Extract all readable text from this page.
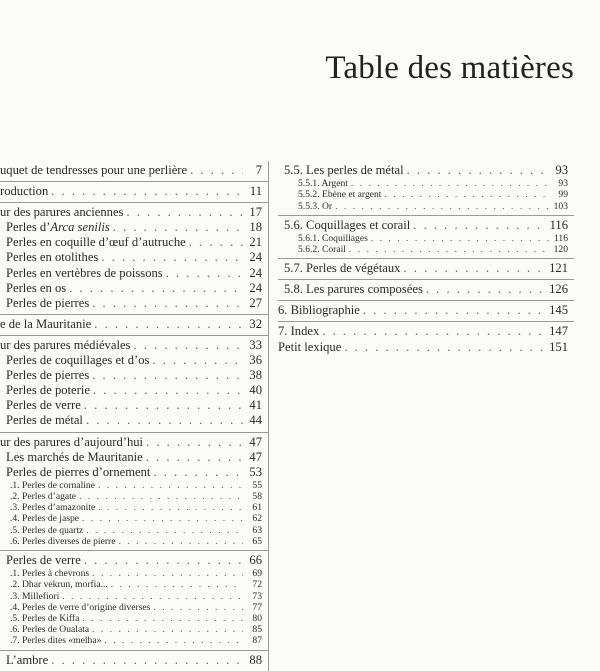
Table des matières
uquet de tendresses pour une perlière . . .	7
roduction . . .	11
ur des parures anciennes . . .	17
Perles d’Arca senilis . . .	18
Perles en coquille d’œuf d’autruche . . .	21
Perles en otolithes . . .	24
Perles en vertèbres de poissons . . .	24
Perles en os . . .	24
Perles de pierres . . .	27
e de la Mauritanie . . .	32
ur des parures médiévales . . .	33
Perles de coquillages et d’os . . .	36
Perles de pierres . . .	38
Perles de poterie . . .	40
Perles de verre . . .	41
Perles de métal . . .	44
ur des parures d’aujourd’hui . . .	47
Les marchés de Mauritanie . . .	47
Perles de pierres d’ornement . . .	53
.1. Perles de cornaline . . .	55
.2. Perles d’agate . . .	58
.3. Perles d’amazonite . . .	61
.4. Perles de jaspe . . .	62
.5. Perles de quartz . . .	63
.6. Perles diverses de pierre . . .	65
Perles de verre . . .	66
.1. Perles à chevrons . . .	69
.2. Dhar vekrun, morfia... . . .	72
.3. Millefiori . . .	73
.4. Perles de verre d’origine diverses . . .	77
.5. Perles de Kiffa . . .	80
.6. Perles de Oualata . . .	85
.7. Perles dites «melha» . . .	87
L’ambre . . .	88
5.5. Les perles de métal . . .	93
5.5.1. Argent . . .	93
5.5.2. Ebène et argent . . .	99
5.5.3. Or . . .	103
5.6. Coquillages et corail . . .	116
5.6.1. Coquillages . . .	116
5.6.2. Corail . . .	120
5.7. Perles de végétaux . . .	121
5.8. Les parures composées . . .	126
6. Bibliographie . . .	145
7. Index . . .	147
Petit lexique . . .	151
